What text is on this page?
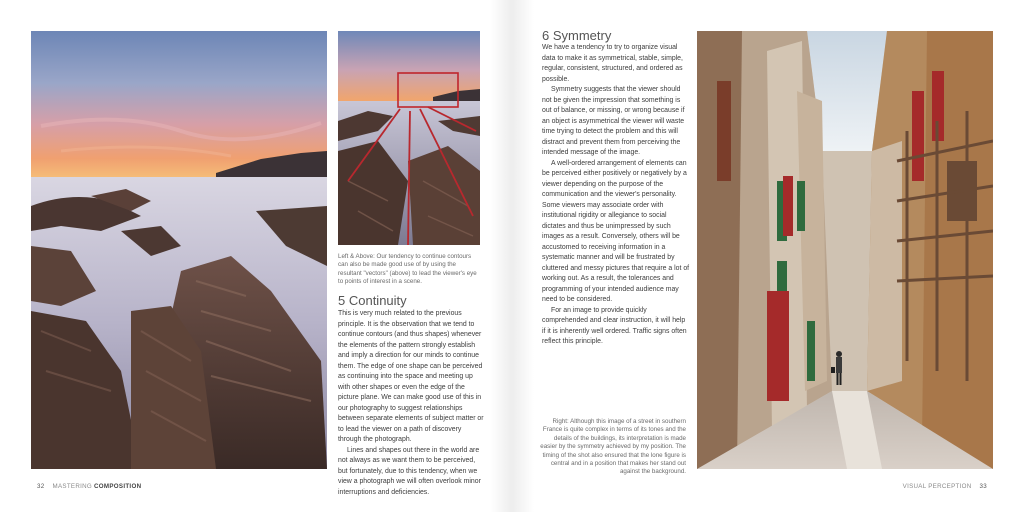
Left & Above: Our tendency to continue contours can also be made good use of by using the resultant "vectors" (above) to lead the viewer's eye to points of interest in a scene.
5 Continuity

This is very much related to the previous principle. It is the observation that we tend to continue contours (and thus shapes) whenever the elements of the pattern strongly establish and imply a direction for our minds to continue them. The edge of one shape can be perceived as continuing into the space and meeting up with other shapes or even the edge of the picture plane. We can make good use of this in our photography to suggest relationships between separate elements of subject matter or to lead the viewer on a path of discovery through the photograph.

Lines and shapes out there in the world are not always as we want them to be perceived, but fortunately, due to this tendency, when we view a photograph we will often overlook minor interruptions and deficiencies.

6 Symmetry

We have a tendency to try to organize visual data to make it as symmetrical, stable, simple, regular, consistent, structured, and ordered as possible.

Symmetry suggests that the viewer should not be given the impression that something is out of balance, or missing, or wrong because if an object is asymmetrical the viewer will waste time trying to detect the problem and this will distract and prevent them from perceiving the intended message of the image.

A well-ordered arrangement of elements can be perceived either positively or negatively by a viewer depending on the purpose of the communication and the viewer's personality. Some viewers may associate order with institutional rigidity or allegiance to social dictates and thus be unimpressed by such images as a result. Conversely, others will be accustomed to receiving information in a systematic manner and will be frustrated by cluttered and messy pictures that require a lot of working out. As a result, the tolerances and programming of your intended audience may need to be considered.

For an image to provide quickly comprehended and clear instruction, it will help if it is inherently well ordered. Traffic signs often reflect this principle.

Right: Although this image of a street in southern France is quite complex in terms of its tones and the details of the buildings, its interpretation is made easier by the symmetry achieved by my position. The timing of the shot also ensured that the lone figure is central and in a position that makes her stand out against the background.
32 MASTERING COMPOSITION	VISUAL PERCEPTION 33
